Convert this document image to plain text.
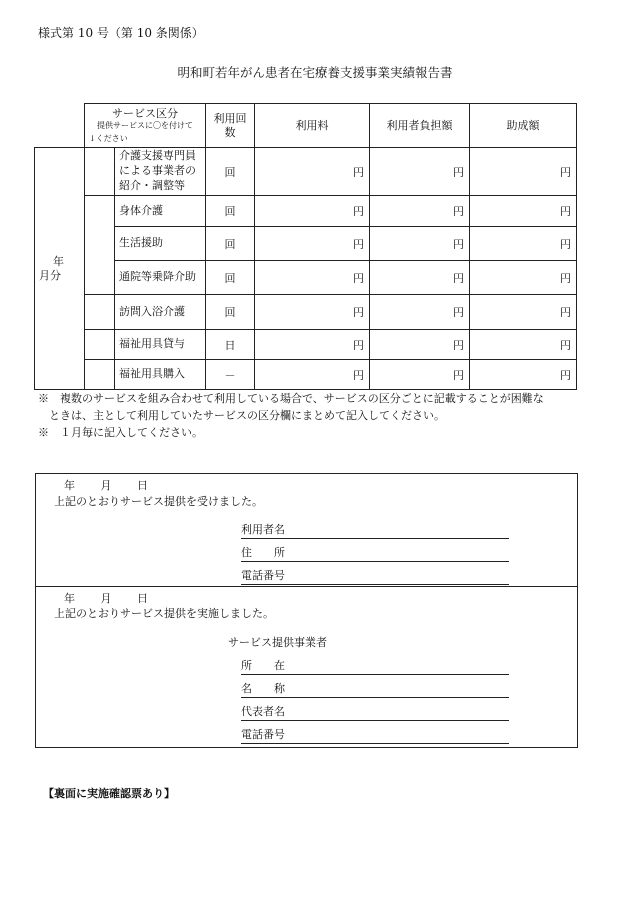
様式第 10 号（第 10 条関係）
明和町若年がん患者在宅療養支援事業実績報告書

	サービス区分
提供サービスに〇を付けて
↓ください		利用回数	利用料	利用者負担額	助成額

年
月分		介護支援専門員による事業者の紹介・調整等	回	円	円	円
		身体介護	回	円	円	円
		生活援助	回	円	円	円
		通院等乗降介助	回	円	円	円
		訪問入浴介護	回	円	円	円
		福祉用具貸与	日	円	円	円
		福祉用具購入	－	円	円	円
※　複数のサービスを組み合わせて利用している場合で、サービスの区分ごとに記載することが困難な
　ときは、主として利用していたサービスの区分欄にまとめて記入してください。
※　１月毎に記入してください。
年 月 日
上記のとおりサービス提供を受けました。
利用者名
住　　所
電話番号
年 月 日
上記のとおりサービス提供を実施しました。
サービス提供事業者
所　　在
名　　称
代表者名
電話番号
【裏面に実施確認票あり】
